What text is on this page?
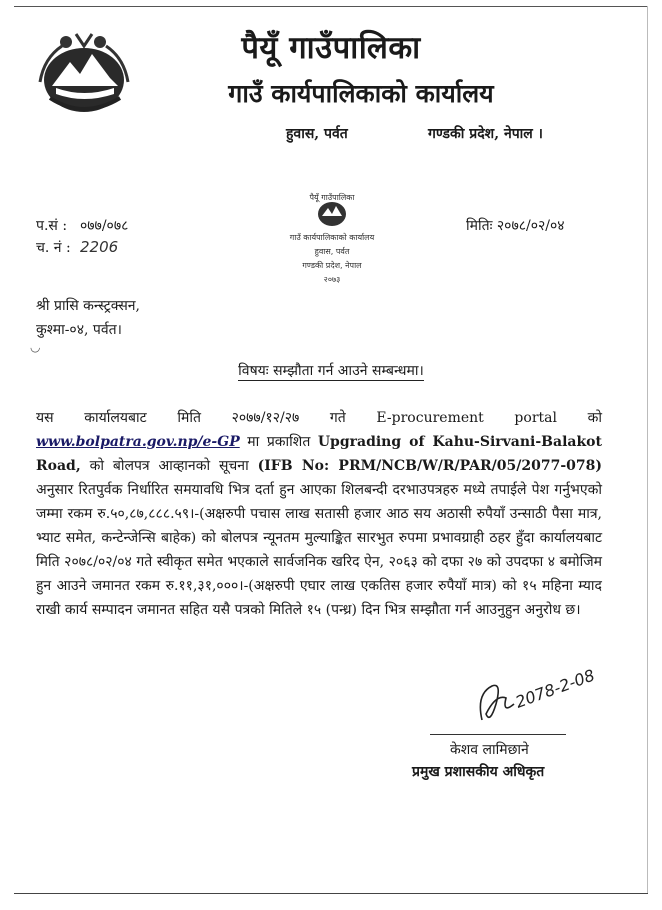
पैयूँ गाउँपालिका
गाउँ कार्यपालिकाको कार्यालय
हुवास, पर्वत	गण्डकी प्रदेश, नेपाल ।
पैयूँ गाउँपालिका
गाउँ कार्यपालिकाको कार्यालय
हुवास, पर्वत
गण्डकी प्रदेश, नेपाल
२०७३
प.सं : ०७७/०७८
च. नं : 2206
मितिः २०७८/०२/०४
श्री प्रासि कन्स्ट्रक्सन,
कुश्मा-०४, पर्वत।
◡
विषयः सम्झौता गर्न आउने सम्बन्धमा।
यस कार्यालयबाट मिति २०७७/१२/२७ गते E-procurement portal को www.bolpatra.gov.np/e-GP मा प्रकाशित Upgrading of Kahu-Sirvani-Balakot Road, को बोलपत्र आव्हानको सूचना (IFB No: PRM/NCB/W/R/PAR/05/2077-078) अनुसार रितपुर्वक निर्धारित समयावधि भित्र दर्ता हुन आएका शिलबन्दी दरभाउपत्रहरु मध्ये तपाईले पेश गर्नुभएको जम्मा रकम रु.५०,८७,८८८.५९।-(अक्षरुपी पचास लाख सतासी हजार आठ सय अठासी रुपैयाँ उन्साठी पैसा मात्र, भ्याट समेत, कन्टेन्जेन्सि बाहेक) को बोलपत्र न्यूनतम मुल्याङ्कित सारभुत रुपमा प्रभावग्राही ठहर हुँदा कार्यालयबाट मिति २०७८/०२/०४ गते स्वीकृत समेत भएकाले सार्वजनिक खरिद ऐन, २०६३ को दफा २७ को उपदफा ४ बमोजिम हुन आउने जमानत रकम रु.११,३१,०००।-(अक्षरुपी एघार लाख एकतिस हजार रुपैयाँ मात्र) को १५ महिना म्याद राखी कार्य सम्पादन जमानत सहित यसै पत्रको मितिले १५ (पन्ध्र) दिन भित्र सम्झौता गर्न आउनुहुन अनुरोध छ।
2078-2-08
केशव लामिछाने
प्रमुख प्रशासकीय अधिकृत
